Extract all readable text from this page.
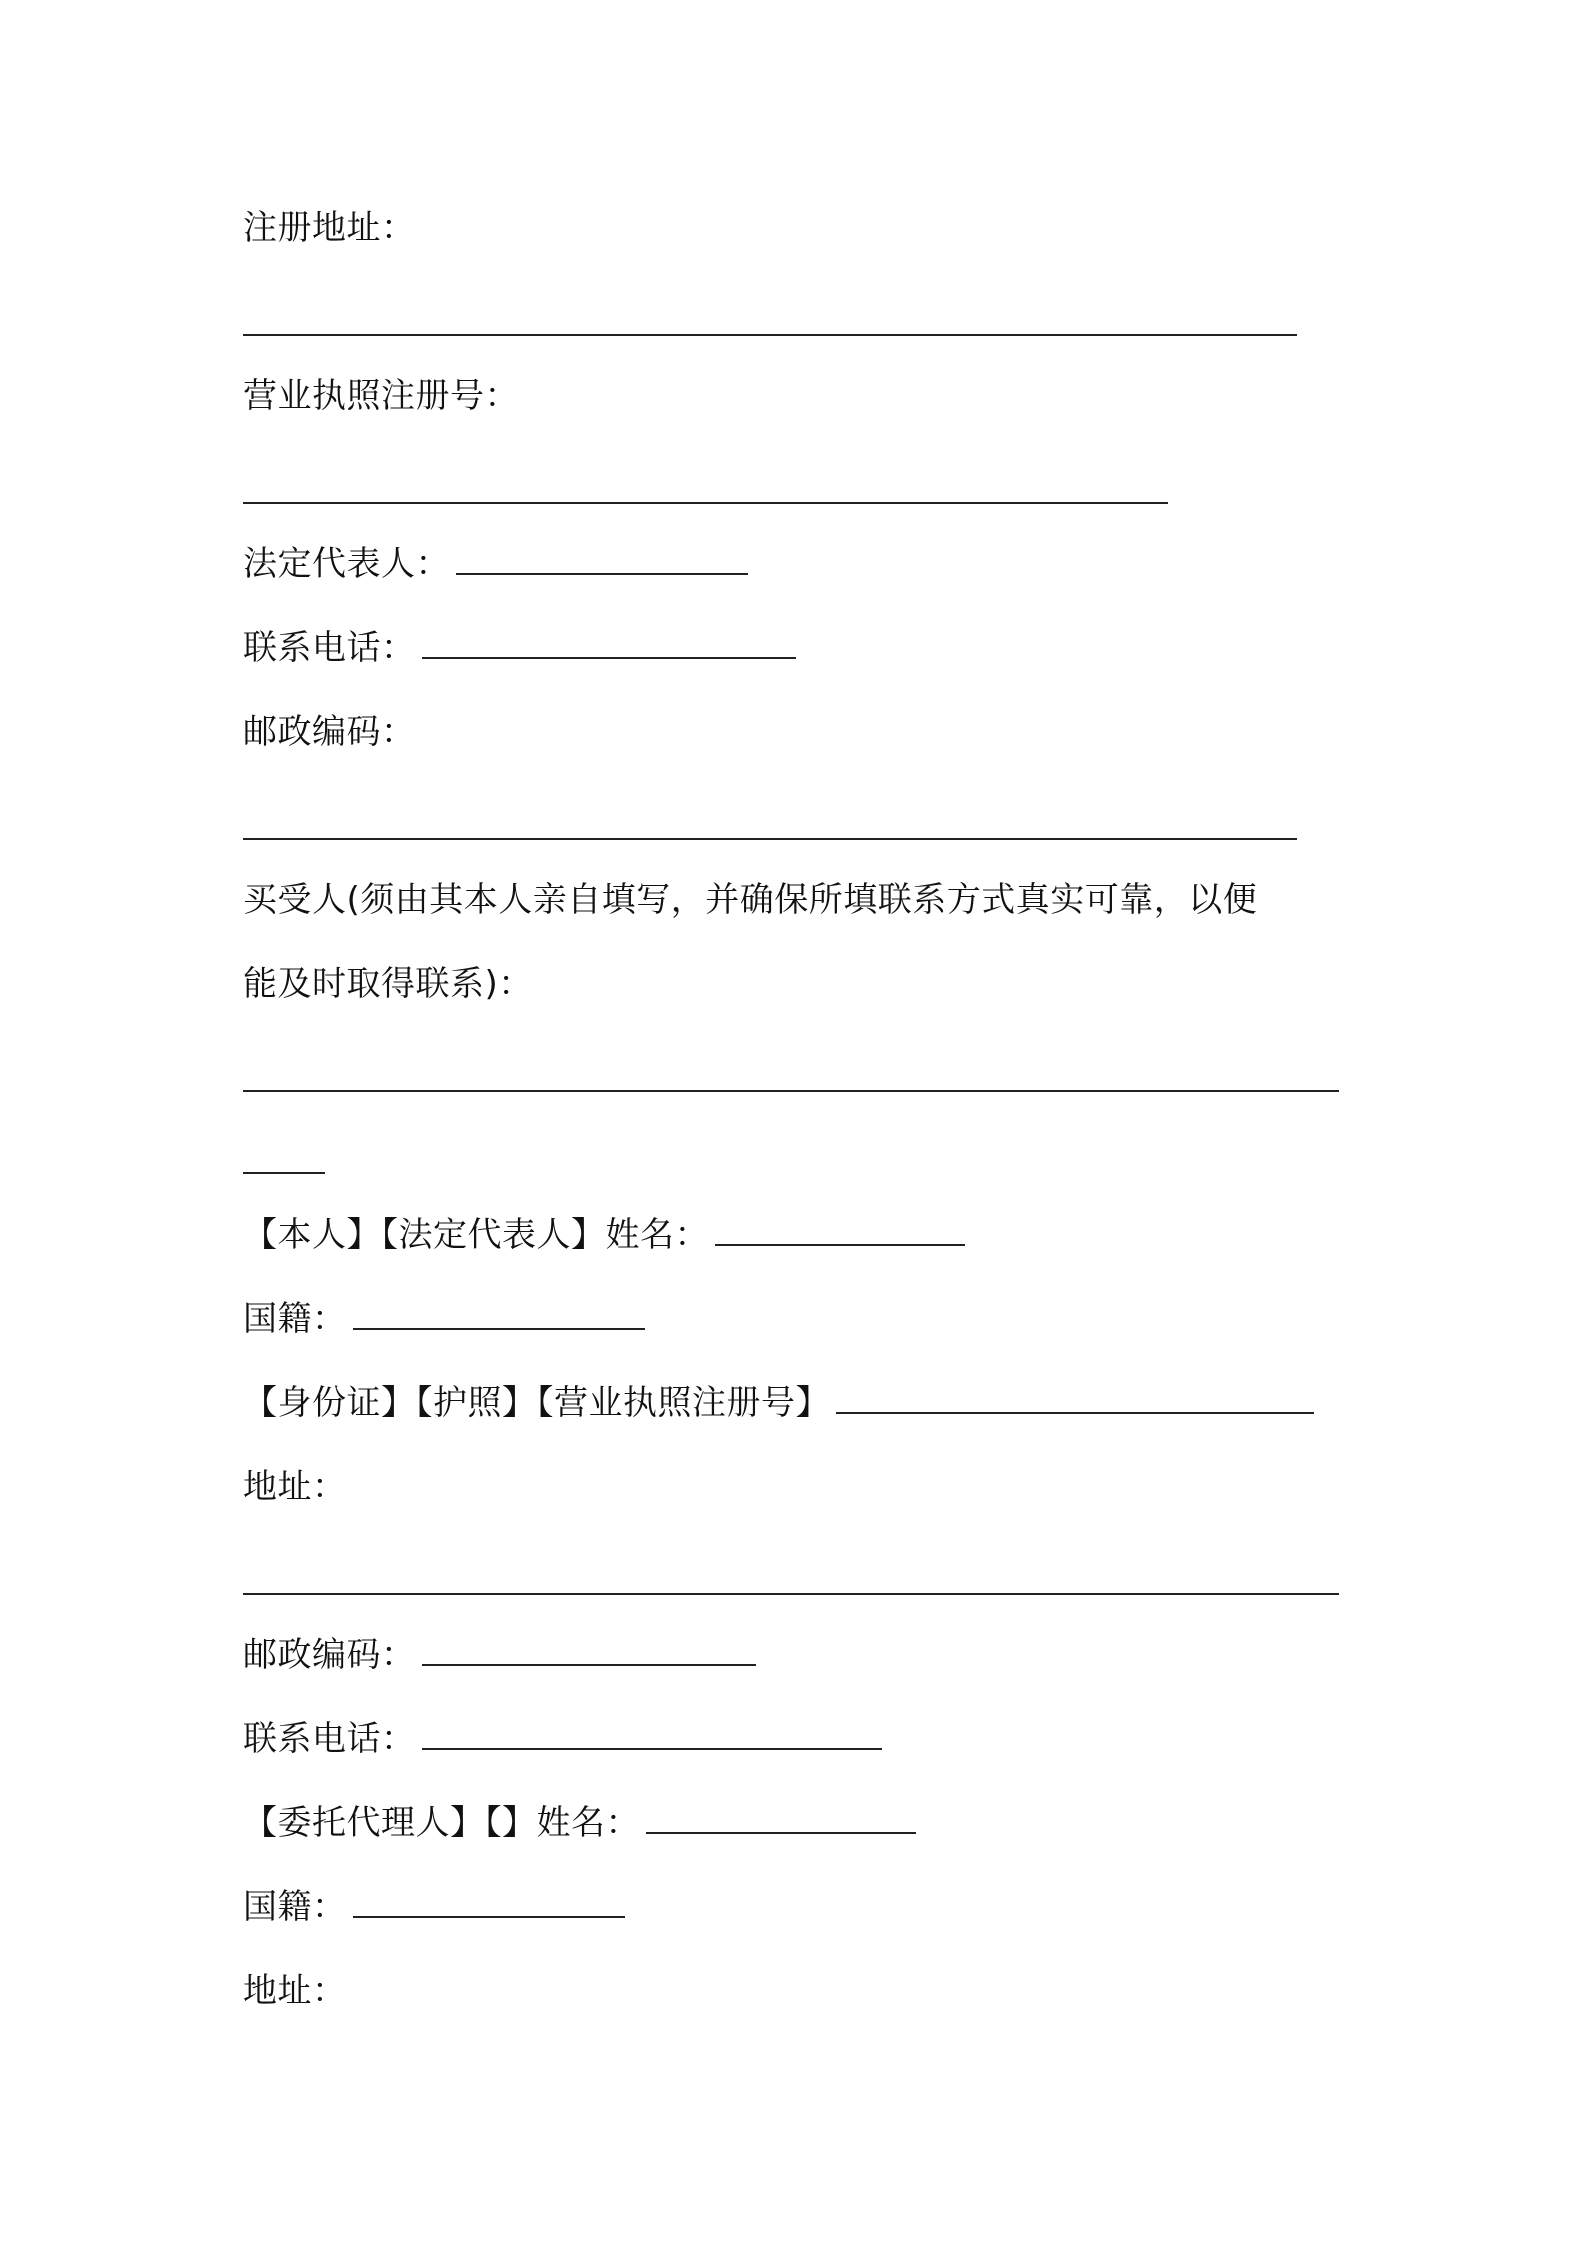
注册地址：
营业执照注册号：
法定代表人：
联系电话：
邮政编码：
买受人(须由其本人亲自填写，并确保所填联系方式真实可靠，以便
能及时取得联系)：
【本人】【法定代表人】姓名：
国籍：
【身份证】【护照】【营业执照注册号】
地址：
邮政编码：
联系电话：
【委托代理人】【】姓名：
国籍：
地址：
